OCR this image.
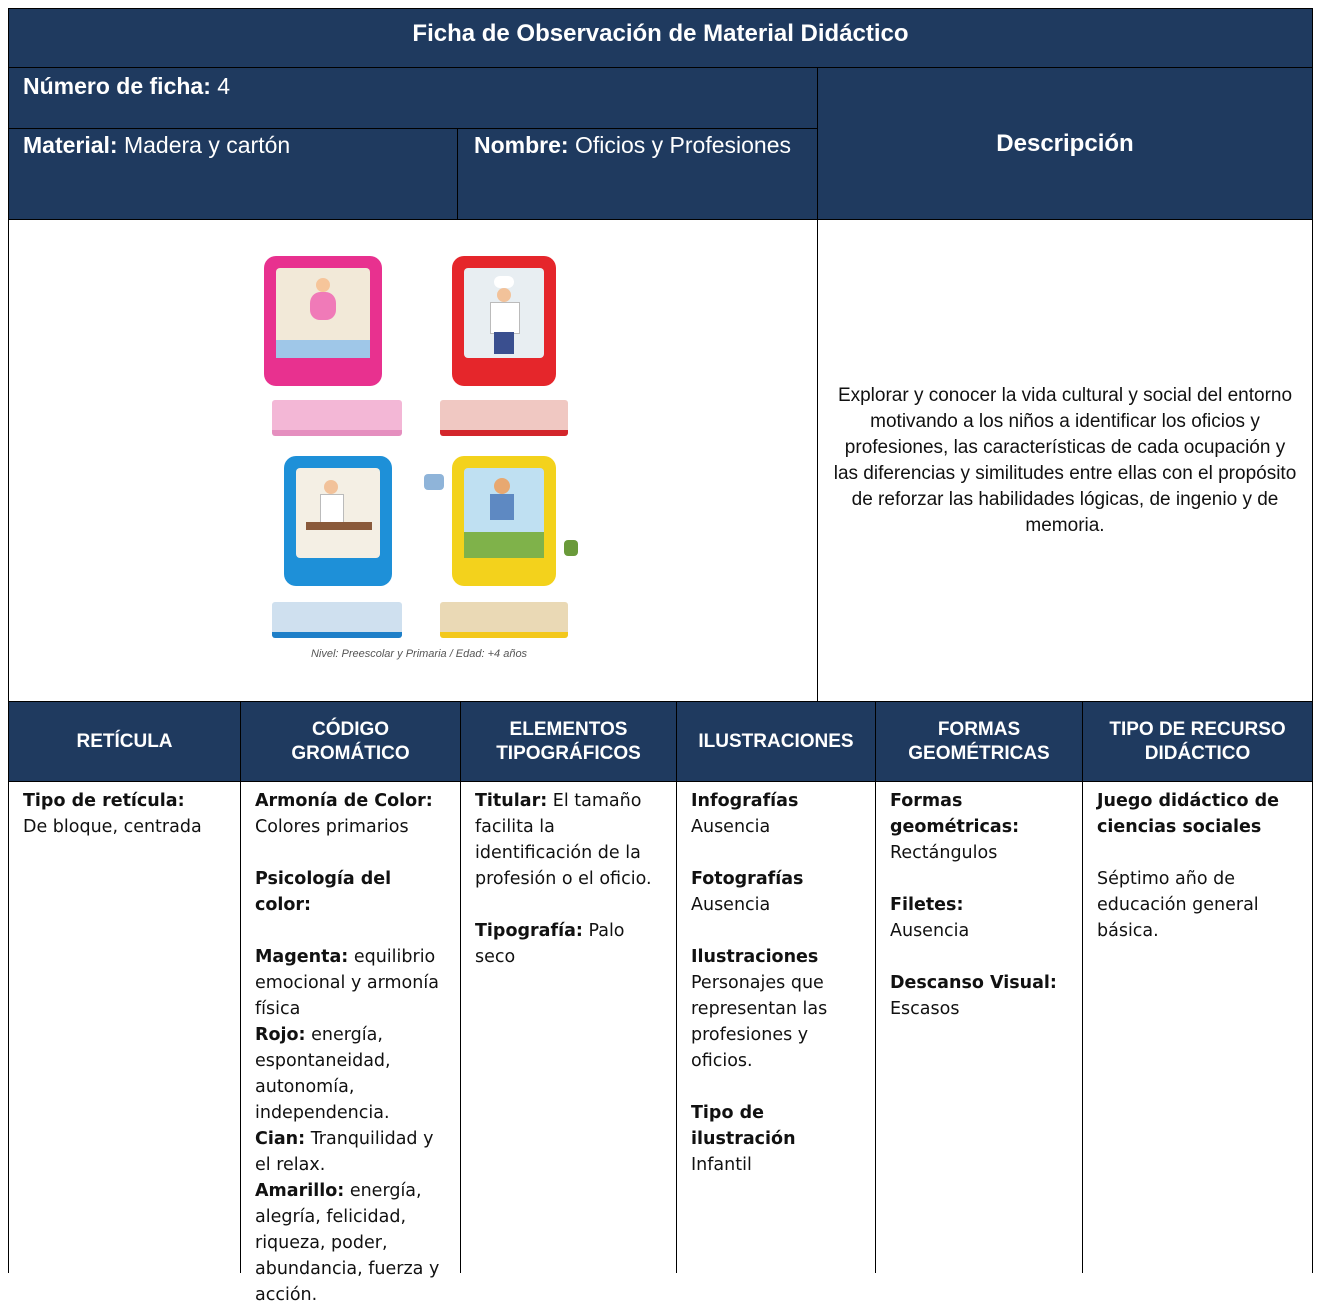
Ficha de Observación de Material Didáctico
Número de ficha: 4
Material: Madera y cartón	Nombre: Oficios y Profesiones	Descripción
Nivel: Preescolar y Primaria / Edad: +4 años
Explorar y conocer la vida cultural y social del entorno motivando a los niños a identificar los oficios y profesiones, las características de cada ocupación y las diferencias y similitudes entre ellas con el propósito de reforzar las habilidades lógicas, de ingenio y de memoria.
RETÍCULA
CÓDIGO GROMÁTICO
ELEMENTOS TIPOGRÁFICOS
ILUSTRACIONES
FORMAS GEOMÉTRICAS
TIPO DE RECURSO DIDÁCTICO
Tipo de retícula:
De bloque, centrada
Armonía de Color:
Colores primarios
Psicología del color:
Magenta: equilibrio emocional y armonía física
Rojo: energía, espontaneidad, autonomía, independencia.
Cian: Tranquilidad y el relax.
Amarillo: energía, alegría, felicidad, riqueza, poder, abundancia, fuerza y acción.
Titular: El tamaño facilita la identificación de la profesión o el oficio.
Tipografía: Palo seco
Infografías
Ausencia
Fotografías
Ausencia
Ilustraciones
Personajes que representan las profesiones y oficios.
Tipo de ilustración
Infantil
Formas geométricas:
Rectángulos
Filetes:
Ausencia
Descanso Visual:
Escasos
Juego didáctico de ciencias sociales
Séptimo año de educación general básica.
